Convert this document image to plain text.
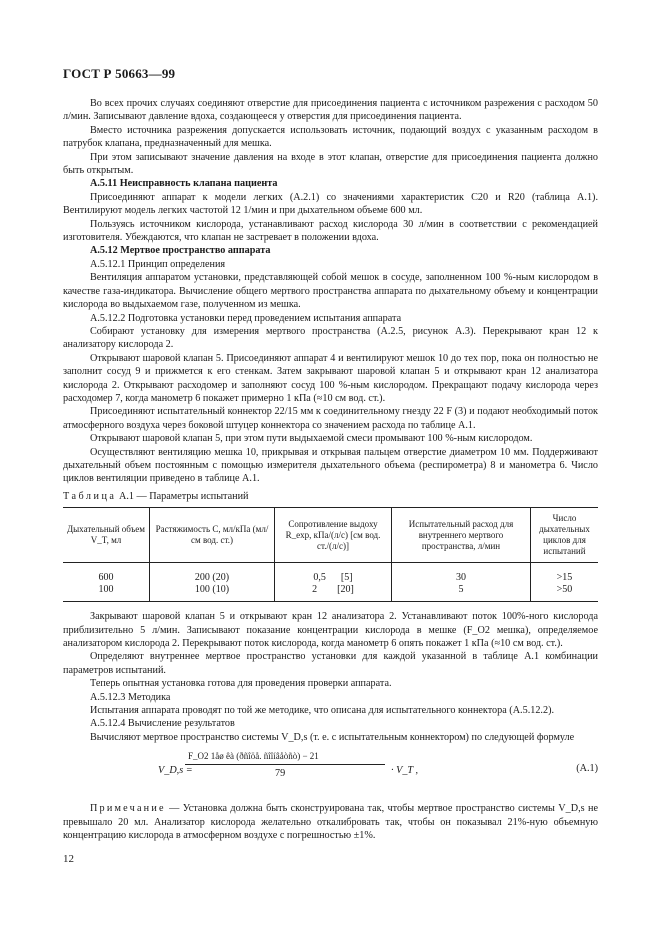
ГОСТ Р 50663—99

Во всех прочих случаях соединяют отверстие для присоединения пациента с источником разрежения с расходом 50 л/мин. Записывают давление вдоха, создающееся у отверстия для присоединения пациента.

Вместо источника разрежения допускается использовать источник, подающий воздух с указанным расходом в патрубок клапана, предназначенный для мешка.

При этом записывают значение давления на входе в этот клапан, отверстие для присоединения пациента должно быть открытым.

A.5.11 Неисправность клапана пациента

Присоединяют аппарат к модели легких (А.2.1) со значениями характеристик С20 и R20 (таблица А.1). Вентилируют модель легких частотой 12 1/мин и при дыхательном объеме 600 мл.

Пользуясь источником кислорода, устанавливают расход кислорода 30 л/мин в соответствии с рекомендацией изготовителя. Убеждаются, что клапан не застревает в положении вдоха.

A.5.12 Мертвое пространство аппарата

A.5.12.1 Принцип определения

Вентиляция аппаратом установки, представляющей собой мешок в сосуде, заполненном 100 %-ным кислородом в качестве газа-индикатора. Вычисление общего мертвого пространства аппарата по дыхательному объему и концентрации кислорода во выдыхаемом газе, полученном из мешка.

A.5.12.2 Подготовка установки перед проведением испытания аппарата

Собирают установку для измерения мертвого пространства (А.2.5, рисунок А.3). Перекрывают кран 12 к анализатору кислорода 2.

Открывают шаровой клапан 5. Присоединяют аппарат 4 и вентилируют мешок 10 до тех пор, пока он полностью не заполнит сосуд 9 и прижмется к его стенкам. Затем закрывают шаровой клапан 5 и открывают кран 12 анализатора кислорода 2. Открывают расходомер и заполняют сосуд 100 %-ным кислородом. Прекращают подачу кислорода через расходомер 7, когда манометр 6 покажет примерно 1 кПа (≈10 см вод. ст.).

Присоединяют испытательный коннектор 22/15 мм к соединительному гнезду 22 F (3) и подают необходимый поток атмосферного воздуха через боковой штуцер коннектора со значением расхода по таблице А.1.

Открывают шаровой клапан 5, при этом пути выдыхаемой смеси промывают 100 %-ным кислородом.

Осуществляют вентиляцию мешка 10, прикрывая и открывая пальцем отверстие диаметром 10 мм. Поддерживают дыхательный объем постоянным с помощью измерителя дыхательного объема (респирометра) 8 и манометра 6. Число циклов вентиляции приведено в таблице А.1.

Таблица А.1 — Параметры испытаний

Дыхательный объем V_T, мл	Растяжимость С, мл/кПа (мл/см вод. ст.)	Сопротивление выдоху R_exp, кПа/(л/с) [см вод. ст./(л/с)]	Испытательный расход для внутреннего мертвого пространства, л/мин	Число дыхательных циклов для испытаний

600	200 (20)	0,5      [5]	30	>15
100	100 (10)	2        [20]	5	>50

Закрывают шаровой клапан 5 и открывают кран 12 анализатора 2. Устанавливают поток 100%-ного кислорода приблизительно 5 л/мин. Записывают показание концентрации кислорода в мешке (F_O2 мешка), определяемое анализатором кислорода 2. Перекрывают поток кислорода, когда манометр 6 опять покажет 1 кПа (≈10 см вод. ст.).

Определяют внутреннее мертвое пространство установки для каждой указанной в таблице А.1 комбинации параметров испытаний.

Теперь опытная установка готова для проведения проверки аппарата.

A.5.12.3 Методика

Испытания аппарата проводят по той же методике, что описана для испытательного коннектора (А.5.12.2).

A.5.12.4 Вычисление результатов

Вычисляют мертвое пространство системы V_D,s (т. е. с испытательным коннектором) по следующей формуле

V_D,s =
F_O2 1åø êà (ðñîöå. ñîîíâåòñò) − 21
79	· V_T ,	(А.1)

Примечание — Установка должна быть сконструирована так, чтобы мертвое пространство системы V_D,s не превышало 20 мл. Анализатор кислорода желательно откалибровать так, чтобы он показывал 21%-ную объемную концентрацию кислорода в атмосферном воздухе с погрешностью ±1%.

12
